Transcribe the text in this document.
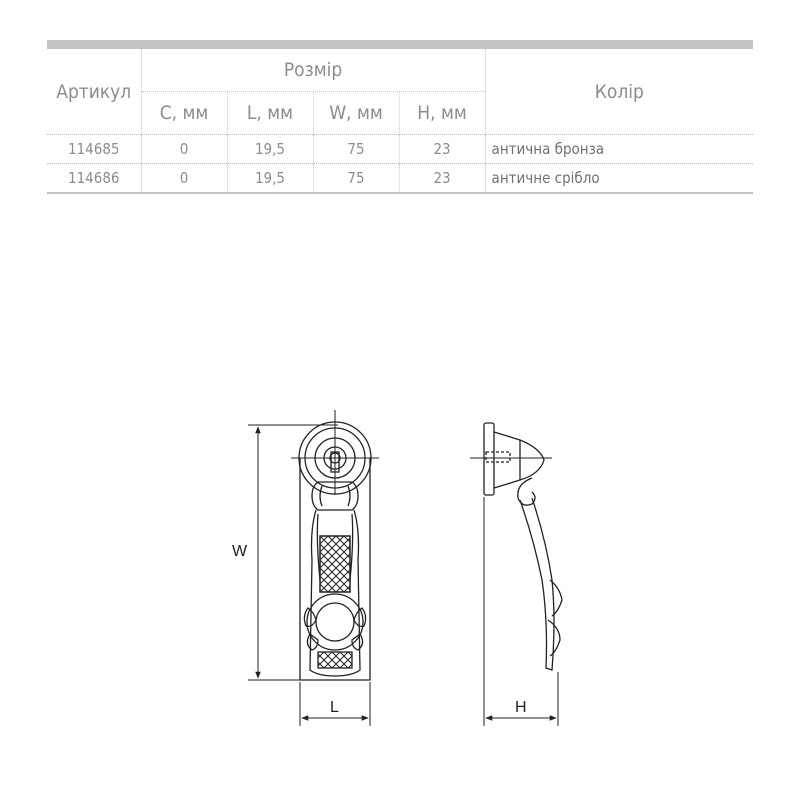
Артикул	Розмір				Колір
	C, мм	L, мм	W, мм	H, мм	
114685	0	19,5	75	23	антична бронза
114686	0	19,5	75	23	античне срібло
W
L	H
